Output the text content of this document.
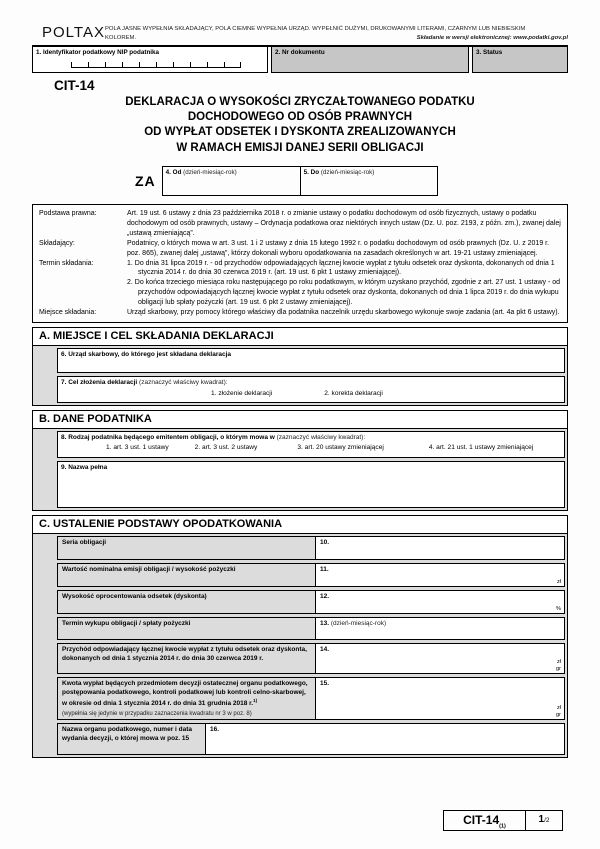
POLTAX POLA JASNE WYPEŁNIA SKŁADAJĄCY, POLA CIEMNE WYPEŁNIA URZĄD. WYPEŁNIĆ DUŻYMI, DRUKOWANYMI LITERAMI, CZARNYM LUB NIEBIESKIM
KOLOREM.	Składanie w wersji elektronicznej: www.podatki.gov.pl
1. Identyfikator podatkowy NIP podatnika	2. Nr dokumentu	3. Status
CIT-14
DEKLARACJA O WYSOKOŚCI ZRYCZAŁTOWANEGO PODATKU
DOCHODOWEGO OD OSÓB PRAWNYCH
OD WYPŁAT ODSETEK I DYSKONTA ZREALIZOWANYCH
W RAMACH EMISJI DANEJ SERII OBLIGACJI
ZA
4. Od (dzień-miesiąc-rok)	5. Do (dzień-miesiąc-rok)
Podstawa prawna:	Art. 19 ust. 6 ustawy z dnia 23 października 2018 r. o zmianie ustawy o podatku dochodowym od osób fizycznych, ustawy o podatku dochodowym od osób prawnych, ustawy – Ordynacja podatkowa oraz niektórych innych ustaw (Dz. U. poz. 2193, z późn. zm.), zwanej dalej „ustawą zmieniającą”.
Składający:	Podatnicy, o których mowa w art. 3 ust. 1 i 2 ustawy z dnia 15 lutego 1992 r. o podatku dochodowym od osób prawnych (Dz. U. z 2019 r. poz. 865), zwanej dalej „ustawą”, którzy dokonali wyboru opodatkowania na zasadach określonych w art. 19-21 ustawy zmieniającej.
Termin składania:	1. Do dnia 31 lipca 2019 r. - od przychodów odpowiadających łącznej kwocie wypłat z tytułu odsetek oraz dyskonta, dokonanych od dnia 1 stycznia 2014 r. do dnia 30 czerwca 2019 r. (art. 19 ust. 6 pkt 1 ustawy zmieniającej).
2. Do końca trzeciego miesiąca roku następującego po roku podatkowym, w którym uzyskano przychód, zgodnie z art. 27 ust. 1 ustawy - od przychodów odpowiadających łącznej kwocie wypłat z tytułu odsetek oraz dyskonta, dokonanych od dnia 1 lipca 2019 r. do dnia wykupu obligacji lub spłaty pożyczki (art. 19 ust. 6 pkt 2 ustawy zmieniającej).
Miejsce składania:	Urząd skarbowy, przy pomocy którego właściwy dla podatnika naczelnik urzędu skarbowego wykonuje swoje zadania (art. 4a pkt 6 ustawy).
A. MIEJSCE I CEL SKŁADANIA DEKLARACJI
6. Urząd skarbowy, do którego jest składana deklaracja
7. Cel złożenia deklaracji (zaznaczyć właściwy kwadrat):
1. złożenie deklaracji	2. korekta deklaracji
B. DANE PODATNIKA
8. Rodzaj podatnika będącego emitentem obligacji, o którym mowa w (zaznaczyć właściwy kwadrat):
1. art. 3 ust. 1 ustawy	2. art. 3 ust. 2 ustawy	3. art. 20 ustawy zmieniającej	4. art. 21 ust. 1 ustawy zmieniającej
9. Nazwa pełna
C. USTALENIE PODSTAWY OPODATKOWANIA
Seria obligacji	10.
Wartość nominalna emisji obligacji / wysokość pożyczki	11.
zł
Wysokość oprocentowania odsetek (dyskonta)	12.
%
Termin wykupu obligacji / spłaty pożyczki	13. (dzień-miesiąc-rok)
Przychód odpowiadający łącznej kwocie wypłat z tytułu odsetek oraz dyskonta, dokonanych od dnia 1 stycznia 2014 r. do dnia 30 czerwca 2019 r.
14.
zł
gr
Kwota wypłat będących przedmiotem decyzji ostatecznej organu podatkowego, postępowania podatkowego, kontroli podatkowej lub kontroli celno-skarbowej, w okresie od dnia 1 stycznia 2014 r. do dnia 31 grudnia 2018 r.$^{1)}$
(wypełnia się jedynie w przypadku zaznaczenia kwadratu nr 3 w poz. 8)
15.
zł
gr
Nazwa organu podatkowego, numer i data wydania decyzji, o której mowa w poz. 15
16.
CIT-$14_{(1)}$
1/2
